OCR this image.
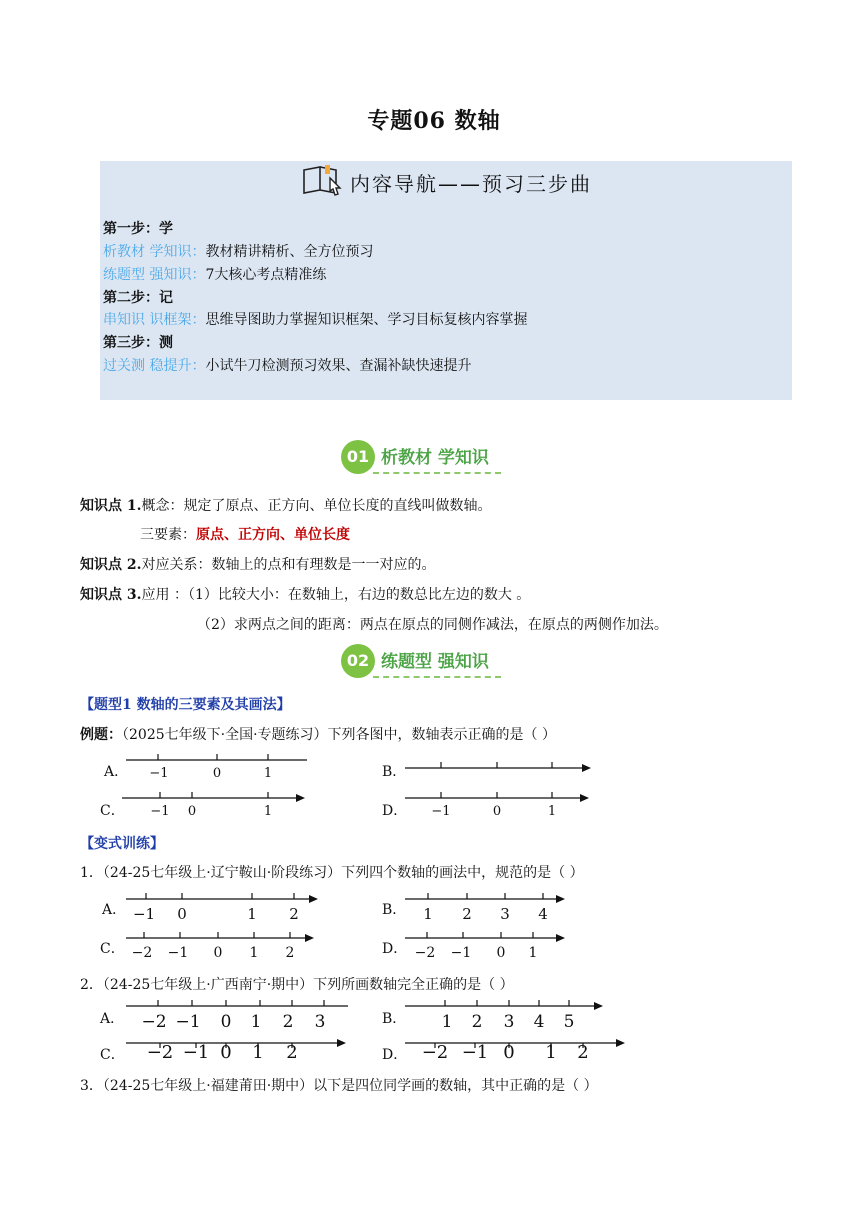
专题06 数轴
内容导航——预习三步曲
第一步：学
析教材 学知识：教材精讲精析、全方位预习
练题型 强知识：7大核心考点精准练
第二步：记
串知识 识框架：思维导图助力掌握知识框架、学习目标复核内容掌握
第三步：测
过关测 稳提升：小试牛刀检测预习效果、查漏补缺快速提升
01 析教材 学知识
知识点 1.概念：规定了原点、正方向、单位长度的直线叫做数轴。
三要素：原点、正方向、单位长度
知识点 2.对应关系：数轴上的点和有理数是一一对应的。
知识点 3.应用 ：（1）比较大小：在数轴上，右边的数总比左边的数大 。
（2）求两点之间的距离：两点在原点的同侧作减法，在原点的两侧作加法。
02 练题型 强知识
【题型1 数轴的三要素及其画法】
例题：（2025七年级下·全国·专题练习）下列各图中，数轴表示正确的是（ ）
A． −1	0	1	B．
C． −1 0	1	D． −1	0	1
【变式训练】
1．（24-25七年级上·辽宁鞍山·阶段练习）下列四个数轴的画法中，规范的是（ ）
A． −1 0	1 2	B． 1 2 3 4
C． −2 −1 0 1 2	D． −2 −1 0 1
2．（24-25七年级上·广西南宁·期中）下列所画数轴完全正确的是（ ）
A． −2 −1 0 1 2 3	B． 1 2 3 4 5
C． −2 −1 0 1 2	D． −2 −1 0 1 2
3．（24-25七年级上·福建莆田·期中）以下是四位同学画的数轴，其中正确的是（ ）
